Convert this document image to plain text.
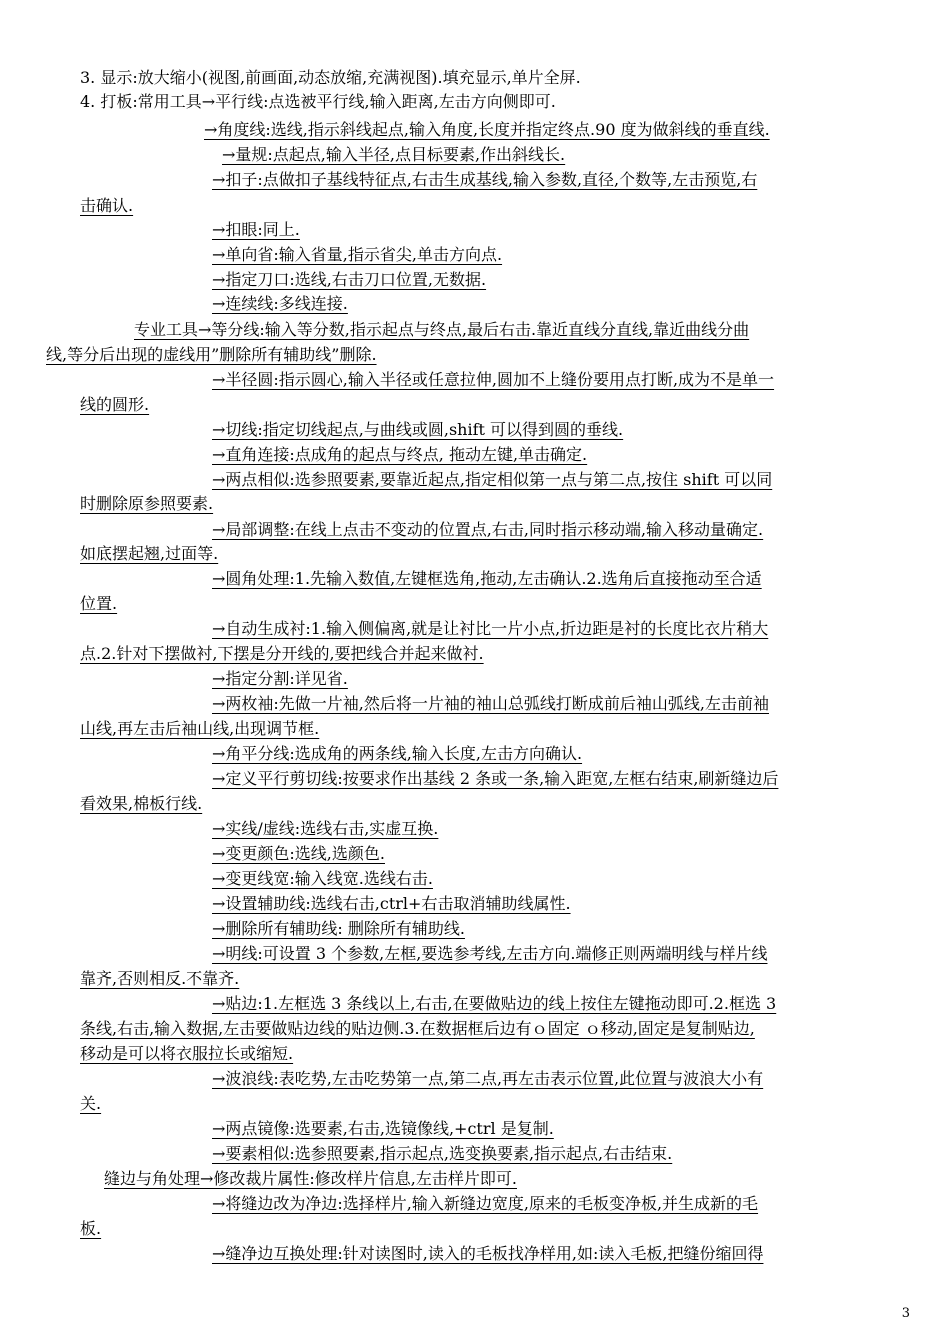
3. 显示:放大缩小(视图,前画面,动态放缩,充满视图).填充显示,单片全屏.
4. 打板:常用工具→平行线:点选被平行线,输入距离,左击方向侧即可.
→角度线:选线,指示斜线起点,输入角度,长度并指定终点.90 度为做斜线的垂直线.
→量规:点起点,输入半径,点目标要素,作出斜线长.
→扣子:点做扣子基线特征点,右击生成基线,输入参数,直径,个数等,左击预览,右
击确认.
→扣眼:同上.
→单向省:输入省量,指示省尖,单击方向点.
→指定刀口:选线,右击刀口位置,无数据.
→连续线:多线连接.
专业工具→等分线:输入等分数,指示起点与终点,最后右击.靠近直线分直线,靠近曲线分曲
线,等分后出现的虚线用”删除所有辅助线”删除.
→半径圆:指示圆心,输入半径或任意拉伸,圆加不上缝份要用点打断,成为不是单一
线的圆形.
→切线:指定切线起点,与曲线或圆,shift 可以得到圆的垂线.
→直角连接:点成角的起点与终点, 拖动左键,单击确定.
→两点相似:选参照要素,要靠近起点,指定相似第一点与第二点,按住 shift 可以同
时删除原参照要素.
→局部调整:在线上点击不变动的位置点,右击,同时指示移动端,输入移动量确定.
如底摆起翘,过面等.
→圆角处理:1.先输入数值,左键框选角,拖动,左击确认.2.选角后直接拖动至合适
位置.
→自动生成衬:1.输入侧偏离,就是让衬比一片小点,折边距是衬的长度比衣片稍大
点.2.针对下摆做衬,下摆是分开线的,要把线合并起来做衬.
→指定分割:详见省.
→两枚袖:先做一片袖,然后将一片袖的袖山总弧线打断成前后袖山弧线,左击前袖
山线,再左击后袖山线,出现调节框.
→角平分线:选成角的两条线,输入长度,左击方向确认.
→定义平行剪切线:按要求作出基线 2 条或一条,输入距宽,左框右结束,刷新缝边后
看效果,棉板行线.
→实线/虚线:选线右击,实虚互换.
→变更颜色:选线,选颜色.
→变更线宽:输入线宽.选线右击.
→设置辅助线:选线右击,ctrl+右击取消辅助线属性.
→删除所有辅助线: 删除所有辅助线.
→明线:可设置 3 个参数,左框,要选参考线,左击方向.端修正则两端明线与样片线
靠齐,否则相反.不靠齐.
→贴边:1.左框选 3 条线以上,右击,在要做贴边的线上按住左键拖动即可.2.框选 3
条线,右击,输入数据,左击要做贴边线的贴边侧.3.在数据框后边有ｏ固定 ｏ移动,固定是复制贴边,
移动是可以将衣服拉长或缩短.
→波浪线:表吃势,左击吃势第一点,第二点,再左击表示位置,此位置与波浪大小有
关.
→两点镜像:选要素,右击,选镜像线,+ctrl 是复制.
→要素相似:选参照要素,指示起点,选变换要素,指示起点,右击结束.
缝边与角处理→修改裁片属性:修改样片信息,左击样片即可.
→将缝边改为净边:选择样片,输入新缝边宽度,原来的毛板变净板,并生成新的毛
板.
→缝净边互换处理:针对读图时,读入的毛板找净样用,如:读入毛板,把缝份缩回得
3
